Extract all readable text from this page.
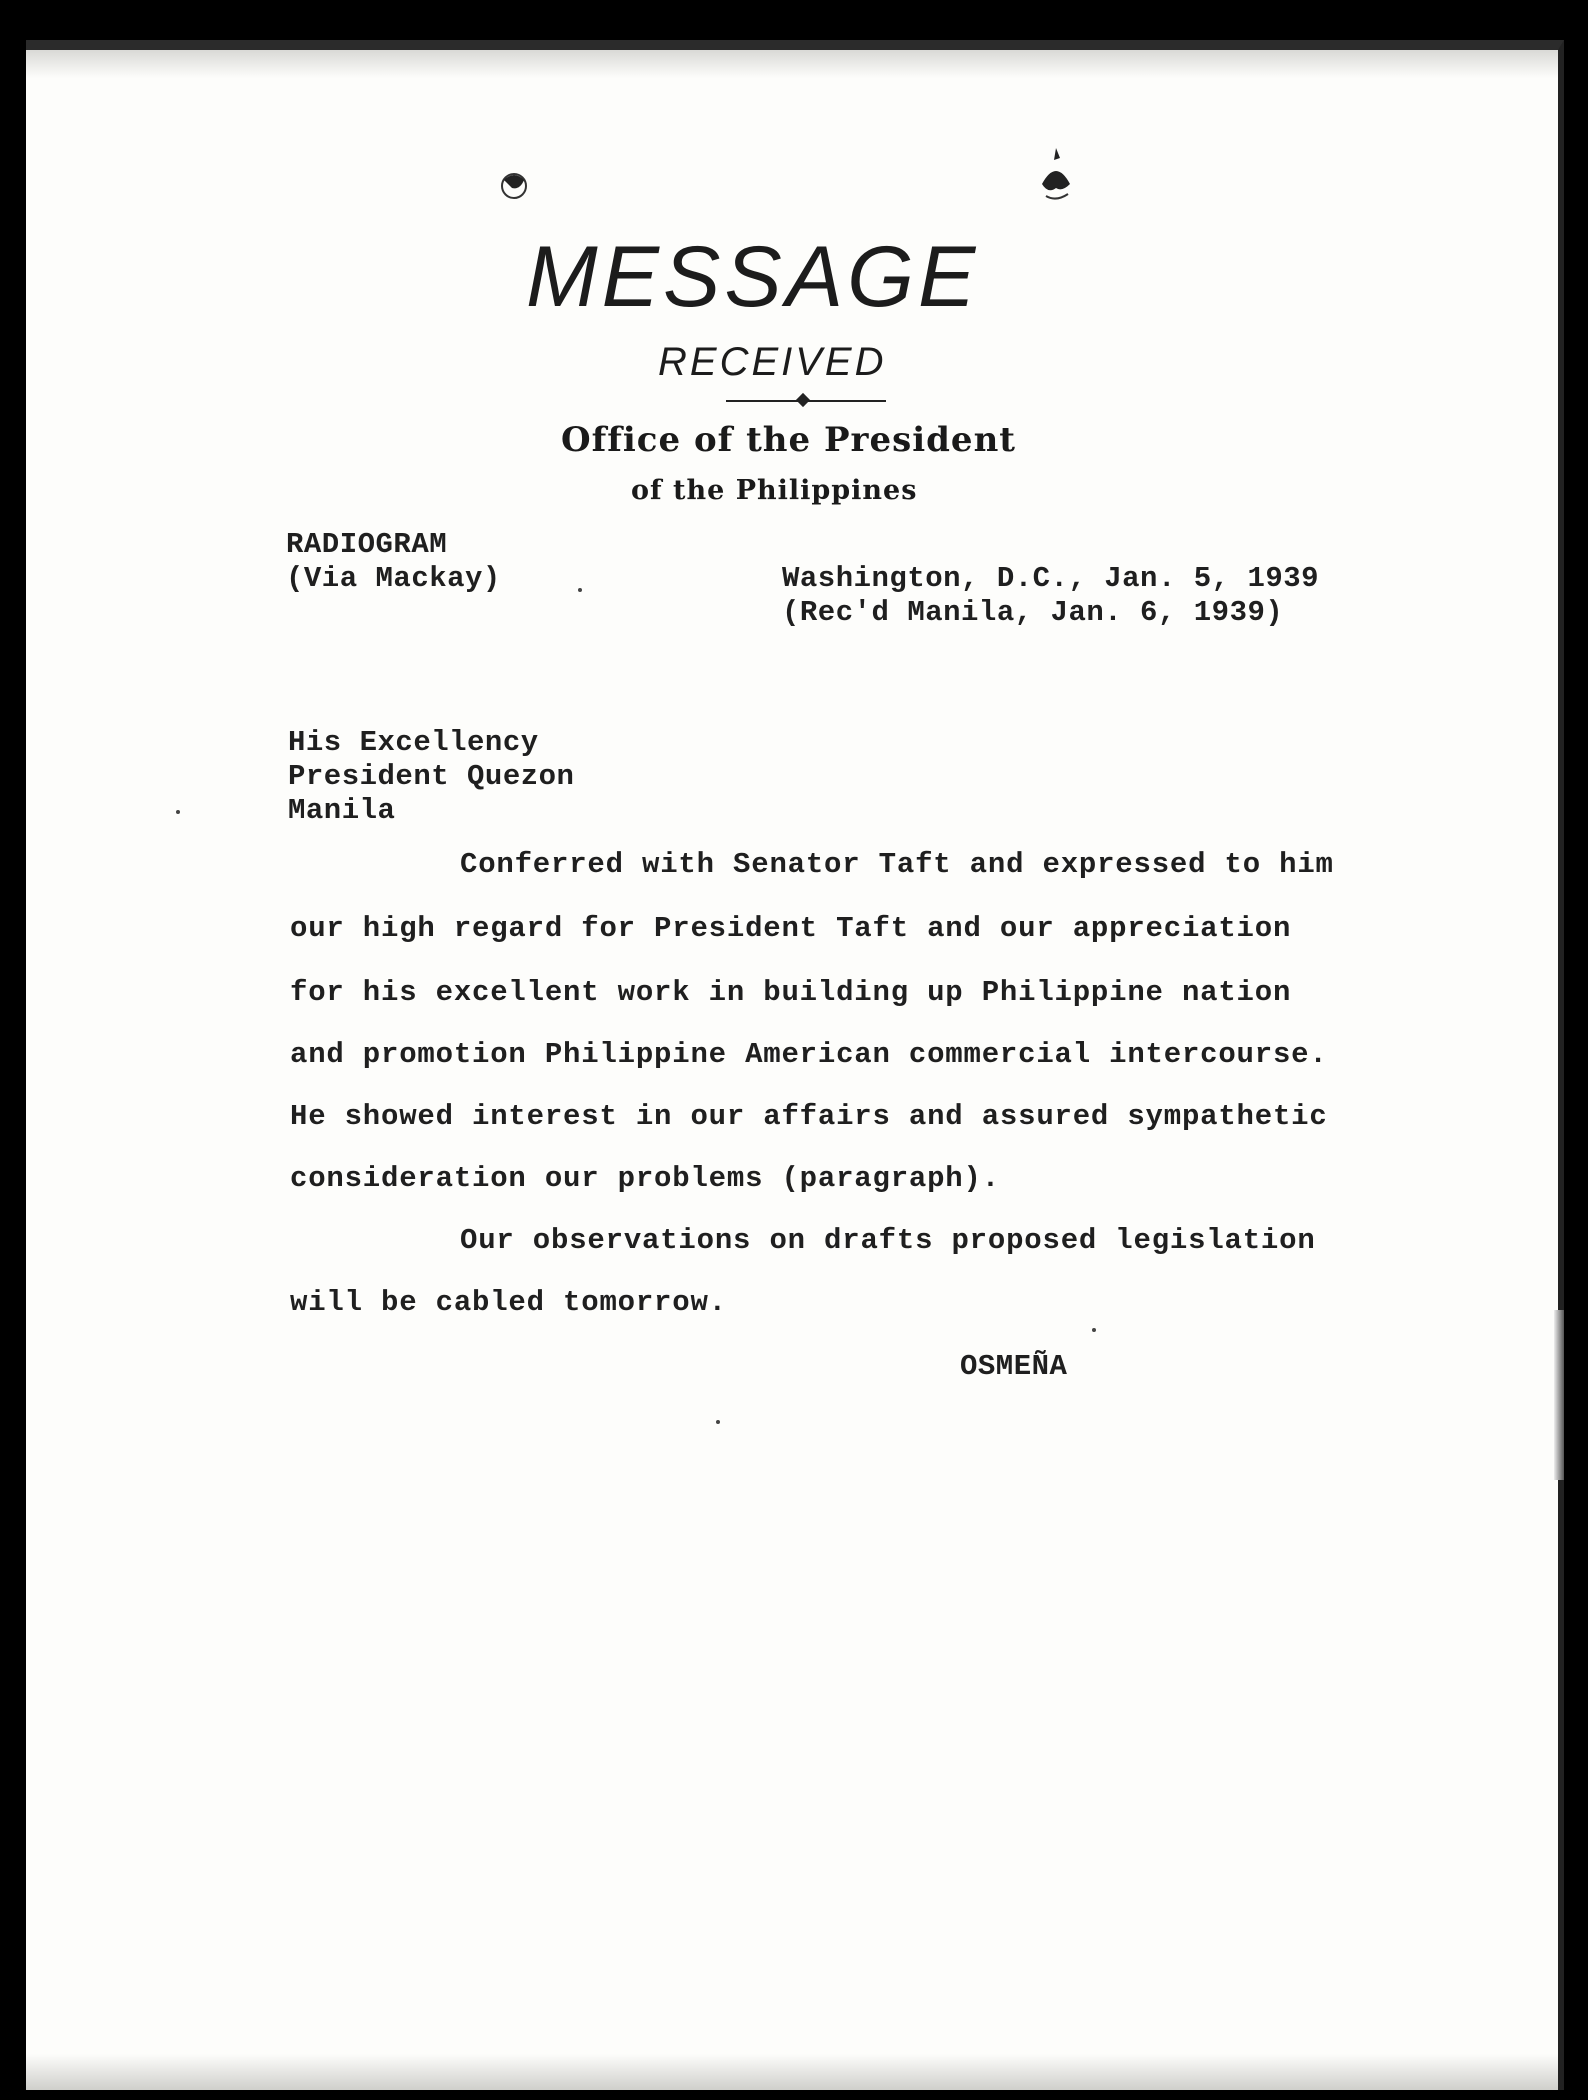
MESSAGE
RECEIVED
Office of the President
of the Philippines
RADIOGRAM
(Via Mackay)	Washington, D.C., Jan. 5, 1939
(Rec'd Manila, Jan. 6, 1939)
His Excellency
President Quezon
Manila
Conferred with Senator Taft and expressed to him
our high regard for President Taft and our appreciation
for his excellent work in building up Philippine nation
and promotion Philippine American commercial intercourse.
He showed interest in our affairs and assured sympathetic
consideration our problems (paragraph).
Our observations on drafts proposed legislation
will be cabled tomorrow.
OSMEÑA
